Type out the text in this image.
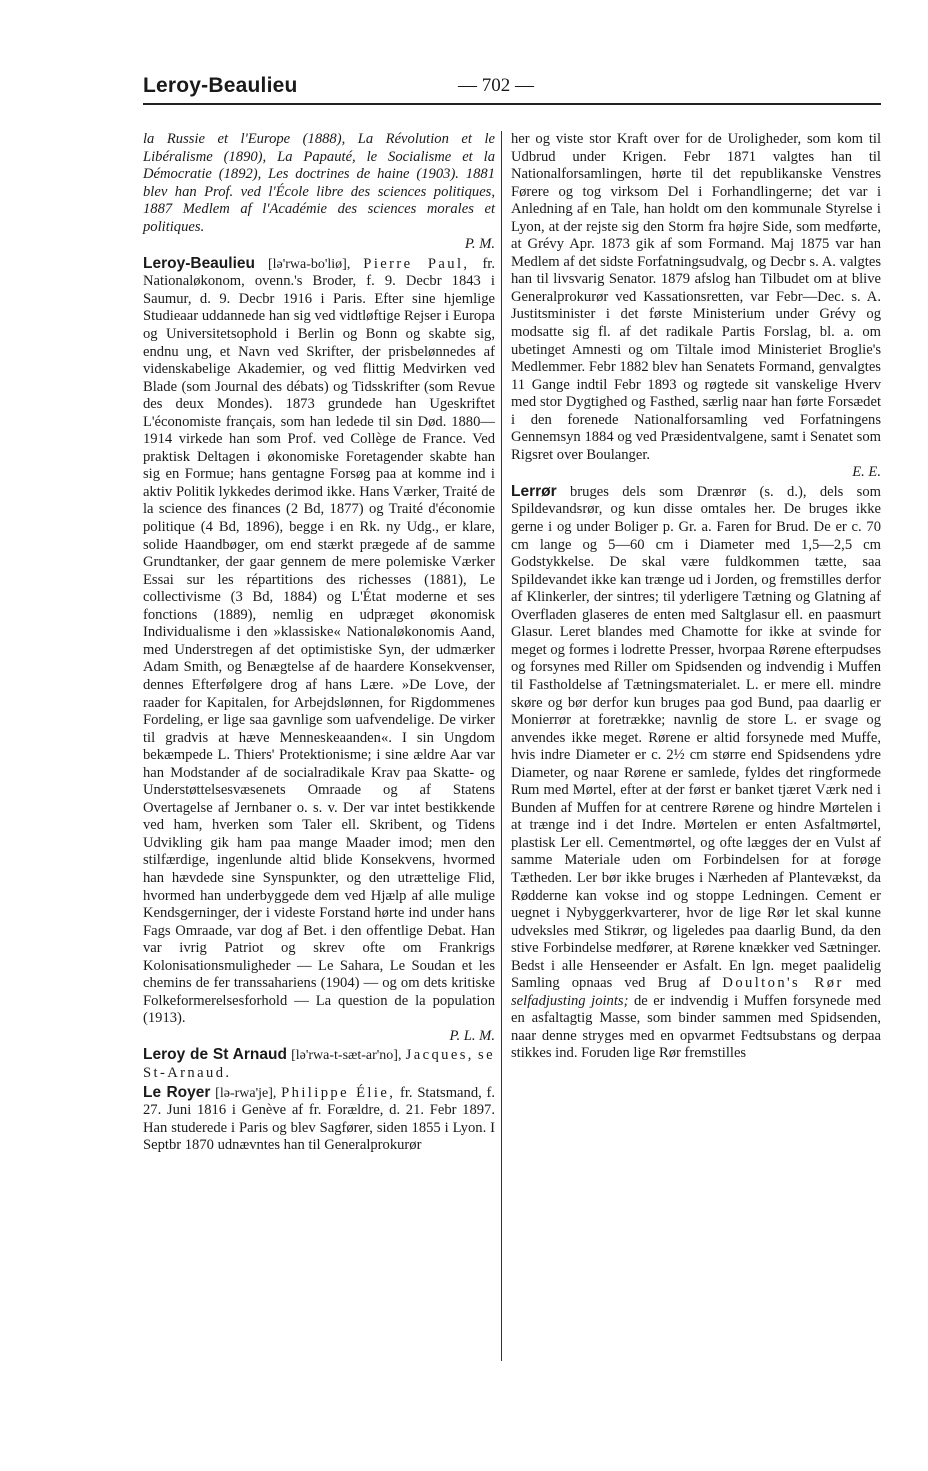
Leroy-Beaulieu	— 702 —

la Russie et l'Europe (1888), La Révolution et le Libéralisme (1890), La Papauté, le Socialisme et la Démocratie (1892), Les doctrines de haine (1903). 1881 blev han Prof. ved l'École libre des sciences politiques, 1887 Medlem af l'Académie des sciences morales et politiques.
P. M.

Leroy-Beaulieu [lə'rwa-bo'liø], Pierre Paul, fr. Nationaløkonom, ovenn.'s Broder, f. 9. Decbr 1843 i Saumur, d. 9. Decbr 1916 i Paris. Efter sine hjemlige Studieaar uddannede han sig ved vidtløftige Rejser i Europa og Universitetsophold i Berlin og Bonn og skabte sig, endnu ung, et Navn ved Skrifter, der prisbelønnedes af videnskabelige Akademier, og ved flittig Medvirken ved Blade (som Journal des débats) og Tidsskrifter (som Revue des deux Mondes). 1873 grundede han Ugeskriftet L'économiste français, som han ledede til sin Død. 1880—1914 virkede han som Prof. ved Collège de France. Ved praktisk Deltagen i økonomiske Foretagender skabte han sig en Formue; hans gentagne Forsøg paa at komme ind i aktiv Politik lykkedes derimod ikke. Hans Værker, Traité de la science des finances (2 Bd, 1877) og Traité d'économie politique (4 Bd, 1896), begge i en Rk. ny Udg., er klare, solide Haandbøger, om end stærkt prægede af de samme Grundtanker, der gaar gennem de mere polemiske Værker Essai sur les répartitions des richesses (1881), Le collectivisme (3 Bd, 1884) og L'État moderne et ses fonctions (1889), nemlig en udpræget økonomisk Individualisme i den »klassiske« Nationaløkonomis Aand, med Understregen af det optimistiske Syn, der udmærker Adam Smith, og Benægtelse af de haardere Konsekvenser, dennes Efterfølgere drog af hans Lære. »De Love, der raader for Kapitalen, for Arbejdslønnen, for Rigdommenes Fordeling, er lige saa gavnlige som uafvendelige. De virker til gradvis at hæve Menneskeaanden«. I sin Ungdom bekæmpede L. Thiers' Protektionisme; i sine ældre Aar var han Modstander af de socialradikale Krav paa Skatte- og Understøttelsesvæsenets Omraade og af Statens Overtagelse af Jernbaner o. s. v. Der var intet bestikkende ved ham, hverken som Taler ell. Skribent, og Tidens Udvikling gik ham paa mange Maader imod; men den stilfærdige, ingenlunde altid blide Konsekvens, hvormed han hævdede sine Synspunkter, og den utrættelige Flid, hvormed han underbyggede dem ved Hjælp af alle mulige Kendsgerninger, der i videste Forstand hørte ind under hans Fags Omraade, var dog af Bet. i den offentlige Debat. Han var ivrig Patriot og skrev ofte om Frankrigs Kolonisationsmuligheder — Le Sahara, Le Soudan et les chemins de fer transsahariens (1904) — og om dets kritiske Folkeformerelsesforhold — La question de la population (1913).
P. L. M.

Leroy de St Arnaud [lə'rwa-t-sæt-ar'no], Jacques, se St-Arnaud.

Le Royer [lə-rwa'je], Philippe Élie, fr. Statsmand, f. 27. Juni 1816 i Genève af fr. Forældre, d. 21. Febr 1897. Han studerede i Paris og blev Sagfører, siden 1855 i Lyon. I Septbr 1870 udnævntes han til Generalprokurør

her og viste stor Kraft over for de Uroligheder, som kom til Udbrud under Krigen. Febr 1871 valgtes han til Nationalforsamlingen, hørte til det republikanske Venstres Førere og tog virksom Del i Forhandlingerne; det var i Anledning af en Tale, han holdt om den kommunale Styrelse i Lyon, at der rejste sig den Storm fra højre Side, som medførte, at Grévy Apr. 1873 gik af som Formand. Maj 1875 var han Medlem af det sidste Forfatningsudvalg, og Decbr s. A. valgtes han til livsvarig Senator. 1879 afslog han Tilbudet om at blive Generalprokurør ved Kassationsretten, var Febr—Dec. s. A. Justitsminister i det første Ministerium under Grévy og modsatte sig fl. af det radikale Partis Forslag, bl. a. om ubetinget Amnesti og om Tiltale imod Ministeriet Broglie's Medlemmer. Febr 1882 blev han Senatets Formand, genvalgtes 11 Gange indtil Febr 1893 og røgtede sit vanskelige Hverv med stor Dygtighed og Fasthed, særlig naar han førte Forsædet i den forenede Nationalforsamling ved Forfatningens Gennemsyn 1884 og ved Præsidentvalgene, samt i Senatet som Rigsret over Boulanger.
E. E.

Lerrør bruges dels som Drænrør (s. d.), dels som Spildevandsrør, og kun disse omtales her. De bruges ikke gerne i og under Boliger p. Gr. a. Faren for Brud. De er c. 70 cm lange og 5—60 cm i Diameter med 1,5—2,5 cm Godstykkelse. De skal være fuldkommen tætte, saa Spildevandet ikke kan trænge ud i Jorden, og fremstilles derfor af Klinkerler, der sintres; til yderligere Tætning og Glatning af Overfladen glaseres de enten med Saltglasur ell. en paasmurt Glasur. Leret blandes med Chamotte for ikke at svinde for meget og formes i lodrette Presser, hvorpaa Rørene efterpudses og forsynes med Riller om Spidsenden og indvendig i Muffen til Fastholdelse af Tætningsmaterialet. L. er mere ell. mindre skøre og bør derfor kun bruges paa god Bund, paa daarlig er Monierrør at foretrække; navnlig de store L. er svage og anvendes ikke meget. Rørene er altid forsynede med Muffe, hvis indre Diameter er c. 2½ cm større end Spidsendens ydre Diameter, og naar Rørene er samlede, fyldes det ringformede Rum med Mørtel, efter at der først er banket tjæret Værk ned i Bunden af Muffen for at centrere Rørene og hindre Mørtelen i at trænge ind i det Indre. Mørtelen er enten Asfaltmørtel, plastisk Ler ell. Cementmørtel, og ofte lægges der en Vulst af samme Materiale uden om Forbindelsen for at forøge Tætheden. Ler bør ikke bruges i Nærheden af Plantevækst, da Rødderne kan vokse ind og stoppe Ledningen. Cement er uegnet i Nybyggerkvarterer, hvor de lige Rør let skal kunne udveksles med Stikrør, og ligeledes paa daarlig Bund, da den stive Forbindelse medfører, at Rørene knækker ved Sætninger. Bedst i alle Henseender er Asfalt. En lgn. meget paalidelig Samling opnaas ved Brug af Doulton's Rør med selfadjusting joints; de er indvendig i Muffen forsynede med en asfaltagtig Masse, som binder sammen med Spidsenden, naar denne stryges med en opvarmet Fedtsubstans og derpaa stikkes ind. Foruden lige Rør fremstilles
